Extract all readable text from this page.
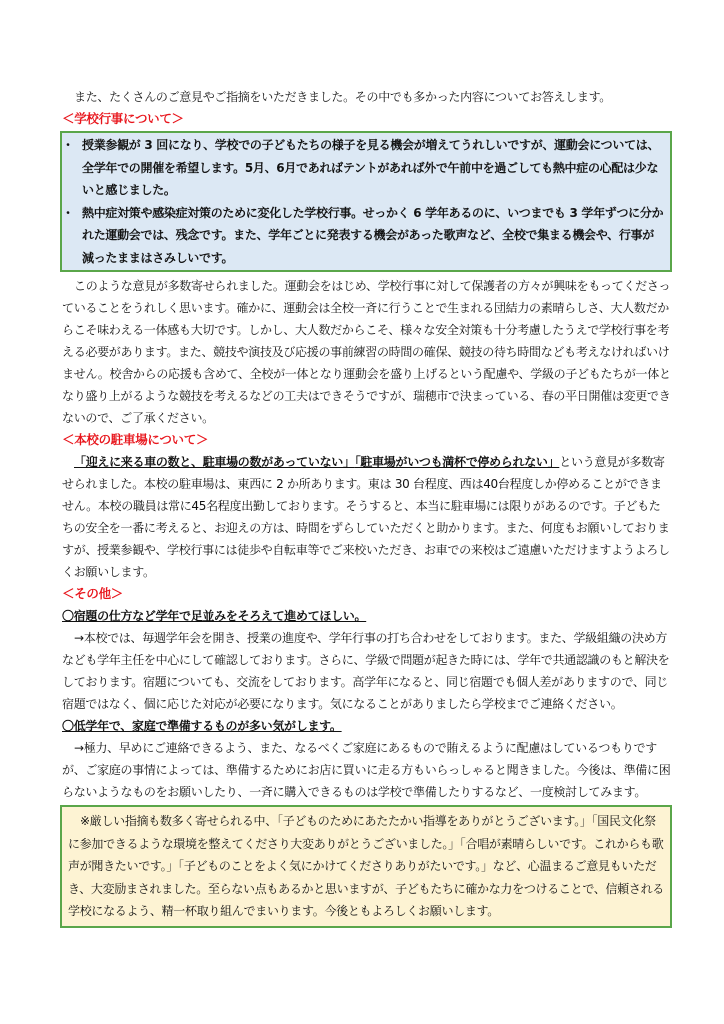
また、たくさんのご意見やご指摘をいただきました。その中でも多かった内容についてお答えします。

＜学校行事について＞
･ 授業参観が 3 回になり、学校での子どもたちの様子を見る機会が増えてうれしいですが、運動会については、全学年での開催を希望します。5月、6月であればテントがあれば外で午前中を過ごしても熱中症の心配は少ないと感じました。
･ 熱中症対策や感染症対策のために変化した学校行事。せっかく 6 学年あるのに、いつまでも 3 学年ずつに分かれた運動会では、残念です。また、学年ごとに発表する機会があった歌声など、全校で集まる機会や、行事が減ったままはさみしいです。

このような意見が多数寄せられました。運動会をはじめ、学校行事に対して保護者の方々が興味をもってくださっていることをうれしく思います。確かに、運動会は全校一斉に行うことで生まれる団結力の素晴らしさ、大人数だからこそ味わえる一体感も大切です。しかし、大人数だからこそ、様々な安全対策も十分考慮したうえで学校行事を考える必要があります。また、競技や演技及び応援の事前練習の時間の確保、競技の待ち時間なども考えなければいけません。校舎からの応援も含めて、全校が一体となり運動会を盛り上げるという配慮や、学級の子どもたちが一体となり盛り上がるような競技を考えるなどの工夫はできそうですが、瑞穂市で決まっている、春の平日開催は変更できないので、ご了承ください。

＜本校の駐車場について＞

「迎えに来る車の数と、駐車場の数があっていない」「駐車場がいつも満杯で停められない」という意見が多数寄せられました。本校の駐車場は、東西に 2 か所あります。東は 30 台程度、西は40台程度しか停めることができません。本校の職員は常に45名程度出勤しております。そうすると、本当に駐車場には限りがあるのです。子どもたちの安全を一番に考えると、お迎えの方は、時間をずらしていただくと助かります。また、何度もお願いしておりますが、授業参観や、学校行事には徒歩や自転車等でご来校いただき、お車での来校はご遠慮いただけますようよろしくお願いします。

＜その他＞
〇宿題の仕方など学年で足並みをそろえて進めてほしい。

→本校では、毎週学年会を開き、授業の進度や、学年行事の打ち合わせをしております。また、学級組織の決め方なども学年主任を中心にして確認しております。さらに、学級で問題が起きた時には、学年で共通認識のもと解決をしております。宿題についても、交流をしております。高学年になると、同じ宿題でも個人差がありますので、同じ宿題ではなく、個に応じた対応が必要になります。気になることがありましたら学校までご連絡ください。

〇低学年で、家庭で準備するものが多い気がします。

→極力、早めにご連絡できるよう、また、なるべくご家庭にあるもので賄えるように配慮はしているつもりですが、ご家庭の事情によっては、準備するためにお店に買いに走る方もいらっしゃると聞きました。今後は、準備に困らないようなものをお願いしたり、一斉に購入できるものは学校で準備したりするなど、一度検討してみます。

※厳しい指摘も数多く寄せられる中、「子どものためにあたたかい指導をありがとうございます。」「国民文化祭に参加できるような環境を整えてくださり大変ありがとうございました。」「合唱が素晴らしいです。これからも歌声が聞きたいです。」「子どものことをよく気にかけてくださりありがたいです。」など、心温まるご意見もいただき、大変励まされました。至らない点もあるかと思いますが、子どもたちに確かな力をつけることで、信頼される学校になるよう、精一杯取り組んでまいります。今後ともよろしくお願いします。
